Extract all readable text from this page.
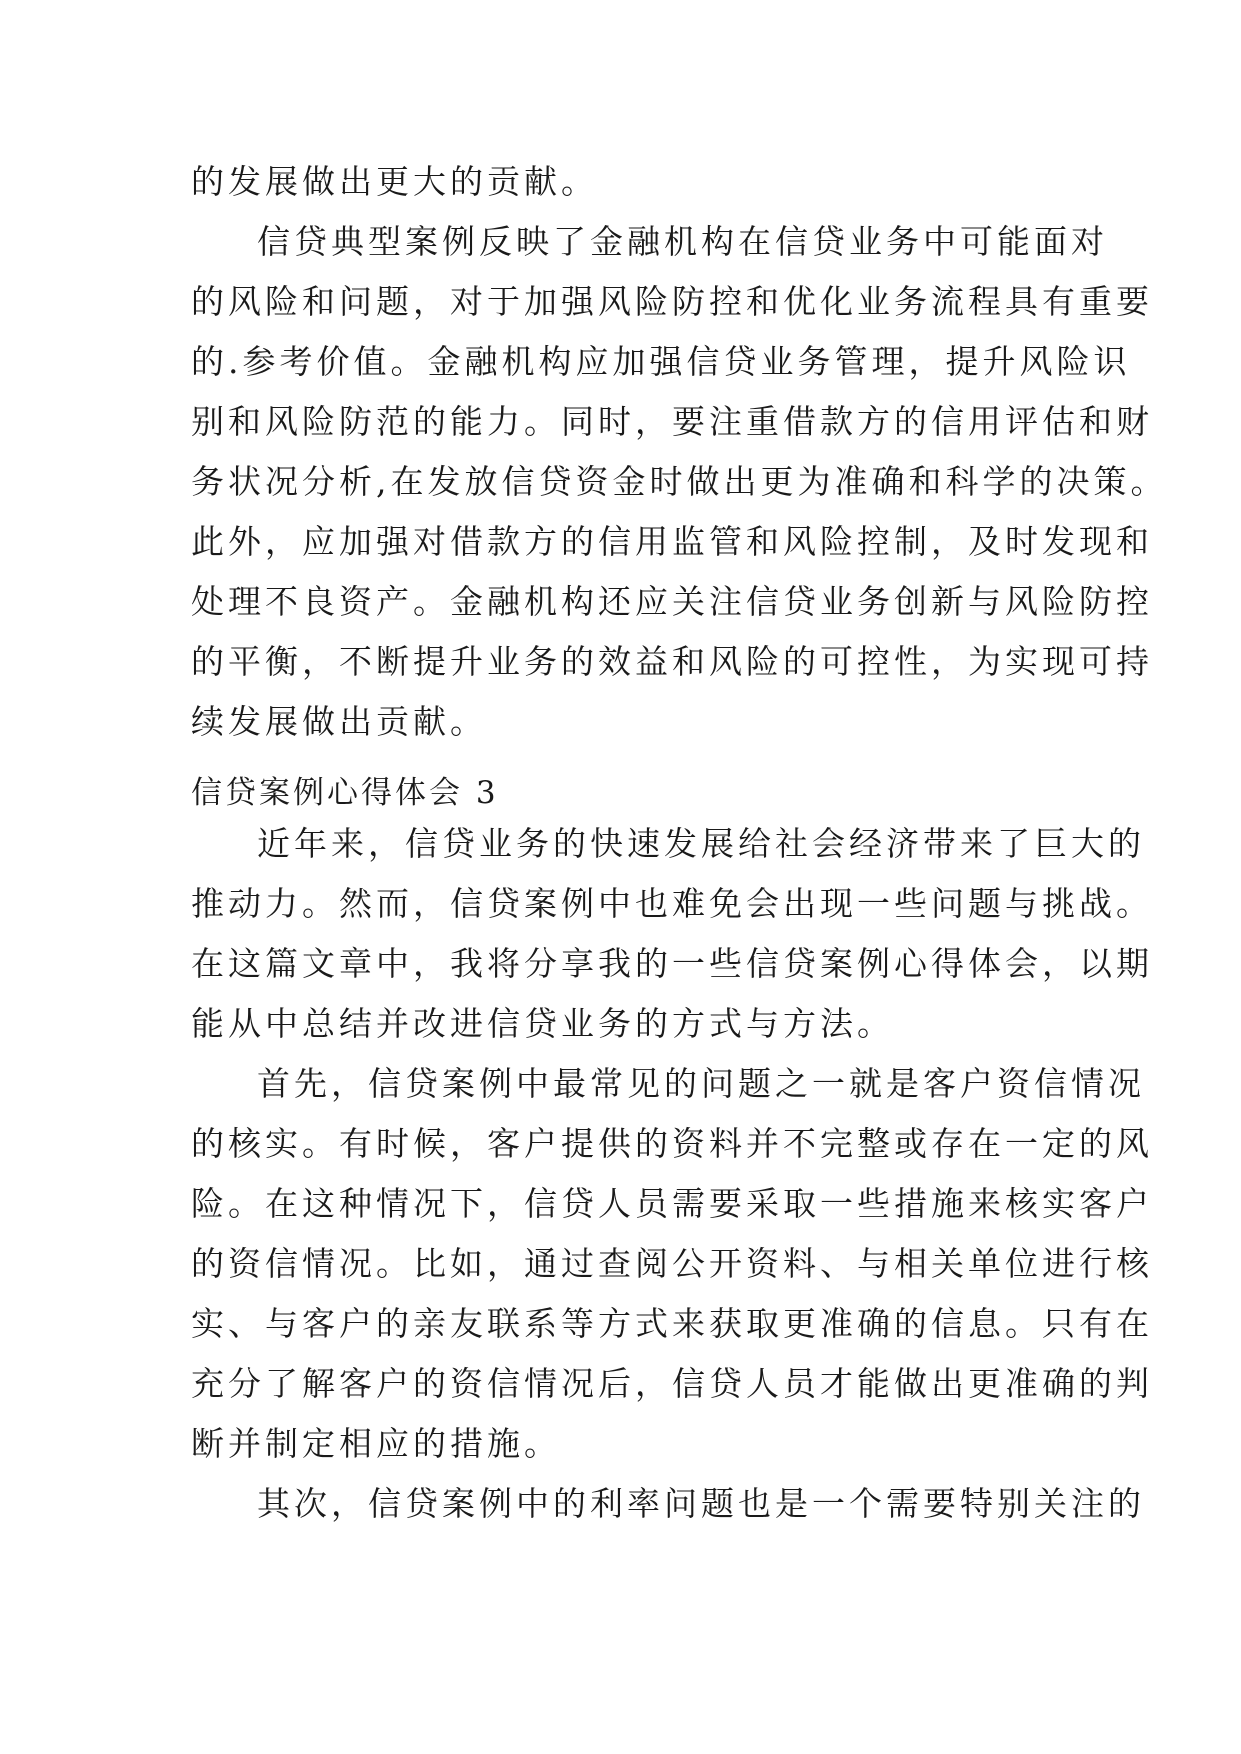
的发展做出更大的贡献。
信贷典型案例反映了金融机构在信贷业务中可能面对
的风险和问题，对于加强风险防控和优化业务流程具有重要
的.参考价值。金融机构应加强信贷业务管理，提升风险识
别和风险防范的能力。同时，要注重借款方的信用评估和财
务状况分析,在发放信贷资金时做出更为准确和科学的决策。
此外，应加强对借款方的信用监管和风险控制，及时发现和
处理不良资产。金融机构还应关注信贷业务创新与风险防控
的平衡，不断提升业务的效益和风险的可控性，为实现可持
续发展做出贡献。
信贷案例心得体会 3
近年来，信贷业务的快速发展给社会经济带来了巨大的
推动力。然而，信贷案例中也难免会出现一些问题与挑战。
在这篇文章中，我将分享我的一些信贷案例心得体会，以期
能从中总结并改进信贷业务的方式与方法。
首先，信贷案例中最常见的问题之一就是客户资信情况
的核实。有时候，客户提供的资料并不完整或存在一定的风
险。在这种情况下，信贷人员需要采取一些措施来核实客户
的资信情况。比如，通过查阅公开资料、与相关单位进行核
实、与客户的亲友联系等方式来获取更准确的信息。只有在
充分了解客户的资信情况后，信贷人员才能做出更准确的判
断并制定相应的措施。
其次，信贷案例中的利率问题也是一个需要特别关注的
